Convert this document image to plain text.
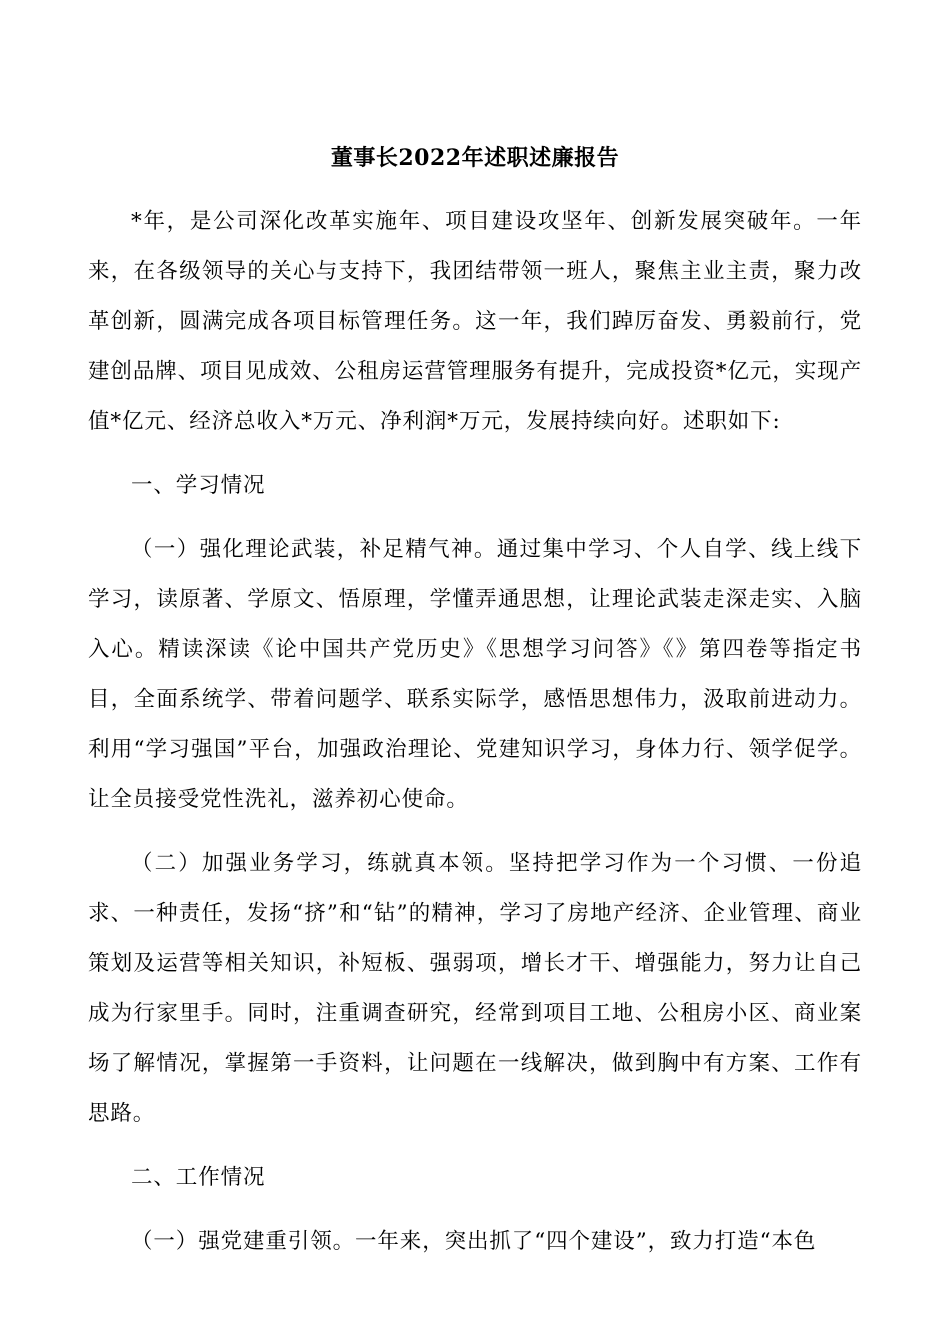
董事长2022年述职述廉报告

*年，是公司深化改革实施年、项目建设攻坚年、创新发展突破年。一年来，在各级领导的关心与支持下，我团结带领一班人，聚焦主业主责，聚力改革创新，圆满完成各项目标管理任务。这一年，我们踔厉奋发、勇毅前行，党建创品牌、项目见成效、公租房运营管理服务有提升，完成投资*亿元，实现产值*亿元、经济总收入*万元、净利润*万元，发展持续向好。述职如下:

一、学习情况

（一）强化理论武装，补足精气神。通过集中学习、个人自学、线上线下学习，读原著、学原文、悟原理，学懂弄通思想，让理论武装走深走实、入脑入心。精读深读《论中国共产党历史》《思想学习问答》《》第四卷等指定书目，全面系统学、带着问题学、联系实际学，感悟思想伟力，汲取前进动力。利用“学习强国”平台，加强政治理论、党建知识学习，身体力行、领学促学。让全员接受党性洗礼，滋养初心使命。

（二）加强业务学习，练就真本领。坚持把学习作为一个习惯、一份追求、一种责任，发扬“挤”和“钻”的精神，学习了房地产经济、企业管理、商业策划及运营等相关知识，补短板、强弱项，增长才干、增强能力，努力让自己成为行家里手。同时，注重调查研究，经常到项目工地、公租房小区、商业案场了解情况，掌握第一手资料，让问题在一线解决，做到胸中有方案、工作有思路。

二、工作情况

（一）强党建重引领。一年来，突出抓了“四个建设”，致力打造“本色
